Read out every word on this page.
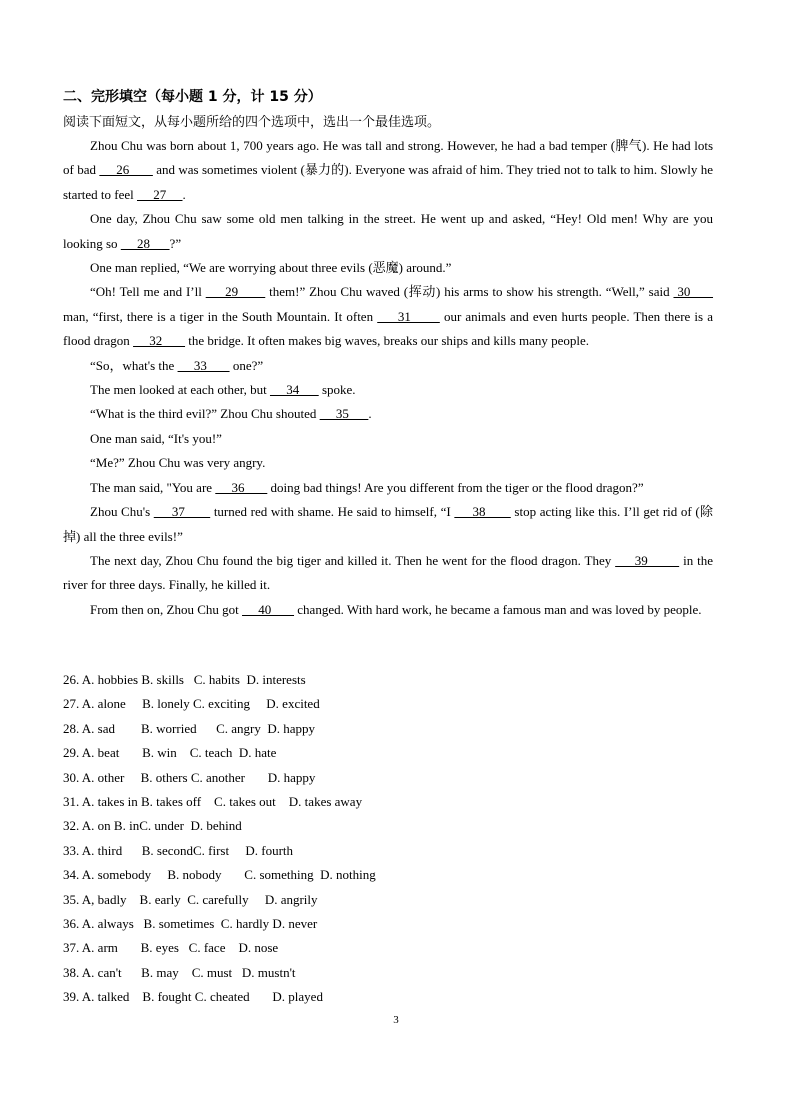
二、完形填空（每小题 1 分，计 15 分）
阅读下面短文，从每小题所给的四个选项中，选出一个最佳选项。

Zhou Chu was born about 1, 700 years ago. He was tall and strong. However, he had a bad temper (脾气). He had lots of bad      26        and was sometimes violent (暴力的). Everyone was afraid of him. They tried not to talk to him. Slowly he started to feel      27     .

One day, Zhou Chu saw some old men talking in the street. He went up and asked, “Hey! Old men! Why are you looking so      28      ?”

One man replied, “We are worrying about three evils (恶魔) around.”

“Oh! Tell me and I’ll      29        them!” Zhou Chu waved (挥动) his arms to show his strength. “Well,” said  30       man, “first, there is a tiger in the South Mountain. It often      31        our animals and even hurts people. Then there is a flood dragon      32        the bridge. It often makes big waves, breaks our ships and kills many people.

“So，what's the      33        one?”

The men looked at each other, but      34       spoke.

“What is the third evil?” Zhou Chu shouted      35      .

One man said, “It's you!”

“Me?” Zhou Chu was very angry.

The man said, "You are      36        doing bad things! Are you different from the tiger or the flood dragon?”

Zhou Chu's      37        turned red with shame. He said to himself, “I      38        stop acting like this. I’ll get rid of (除掉) all the three evils!”

The next day, Zhou Chu found the big tiger and killed it. Then he went for the flood dragon. They      39         in the river for three days. Finally, he killed it.

From then on, Zhou Chu got      40        changed. With hard work, he became a famous man and was loved by people.

26. A. hobbies B. skills   C. habits  D. interests
27. A. alone     B. lonely C. exciting     D. excited
28. A. sad        B. worried      C. angry  D. happy
29. A. beat       B. win    C. teach  D. hate
30. A. other     B. others C. another       D. happy
31. A. takes in B. takes off    C. takes out    D. takes away
32. A. on B. inC. under  D. behind
33. A. third      B. secondC. first     D. fourth
34. A. somebody     B. nobody       C. something  D. nothing
35. A, badly    B. early  C. carefully     D. angrily
36. A. always   B. sometimes  C. hardly D. never
37. A. arm       B. eyes   C. face    D. nose
38. A. can't      B. may    C. must   D. mustn't
39. A. talked    B. fought C. cheated       D. played
3
